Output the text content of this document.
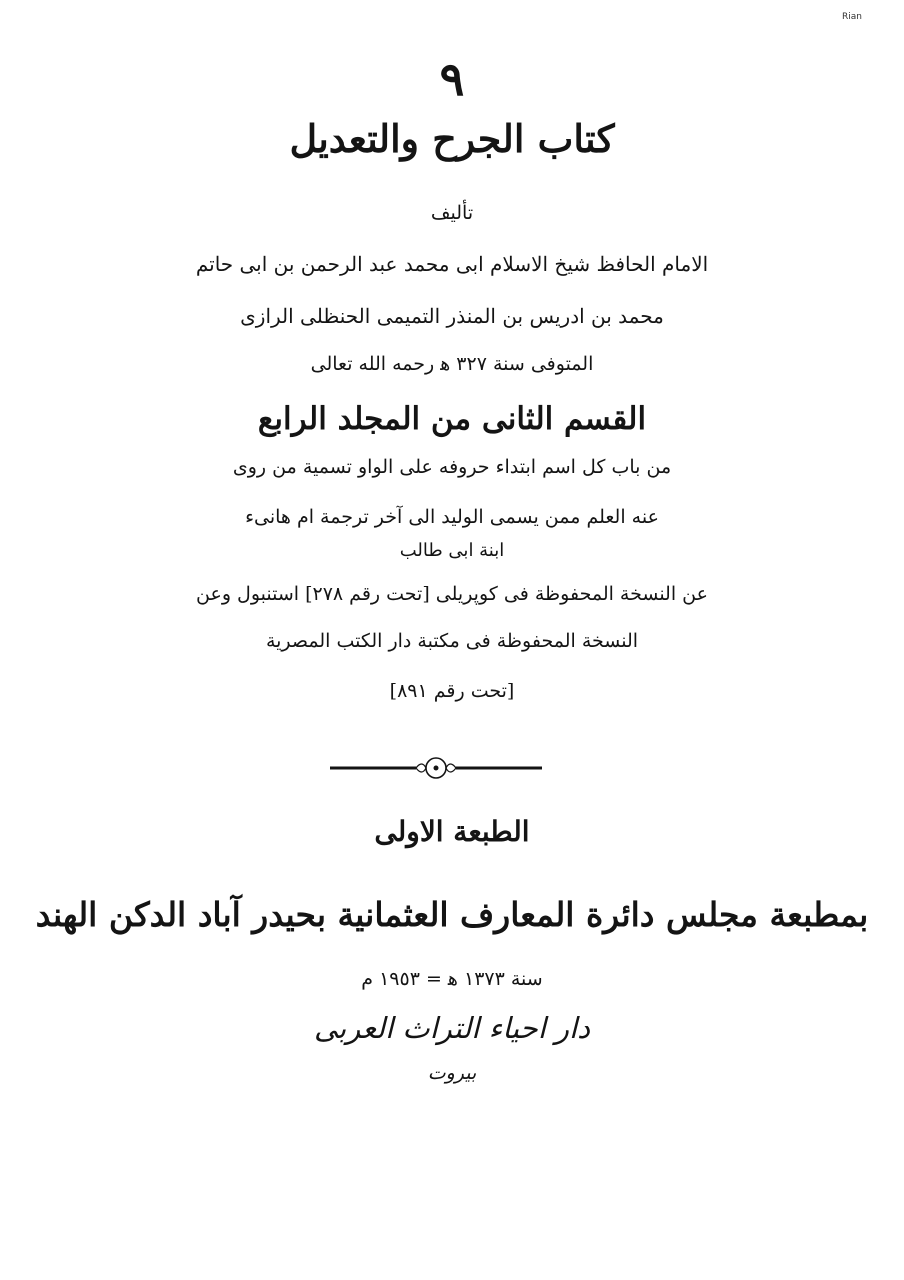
Rian
٩
كتاب الجرح والتعديل
تأليف
الامام الحافظ شيخ الاسلام ابى محمد عبد الرحمن بن ابى حاتم
محمد بن ادريس بن المنذر التميمى الحنظلى الرازى
المتوفى سنة ٣٢٧ ﻫ رحمه الله تعالى
القسم الثانى من المجلد الرابع
من باب كل اسم ابتداء حروفه على الواو تسمية من روى
عنه العلم ممن يسمى الوليد الى آخر ترجمة ام هانىء
ابنة ابى طالب
عن النسخة المحفوظة فى كوپريلى [تحت رقم ٢٧٨] استنبول وعن
النسخة المحفوظة فى مكتبة دار الكتب المصرية
[تحت رقم ٨٩١]
الطبعة الاولى
بمطبعة مجلس دائرة المعارف العثمانية بحيدر آباد الدكن الهند
سنة ١٣٧٣ ﻫ = ١٩٥٣ م
دار احياء التراث العربى
بيروت
